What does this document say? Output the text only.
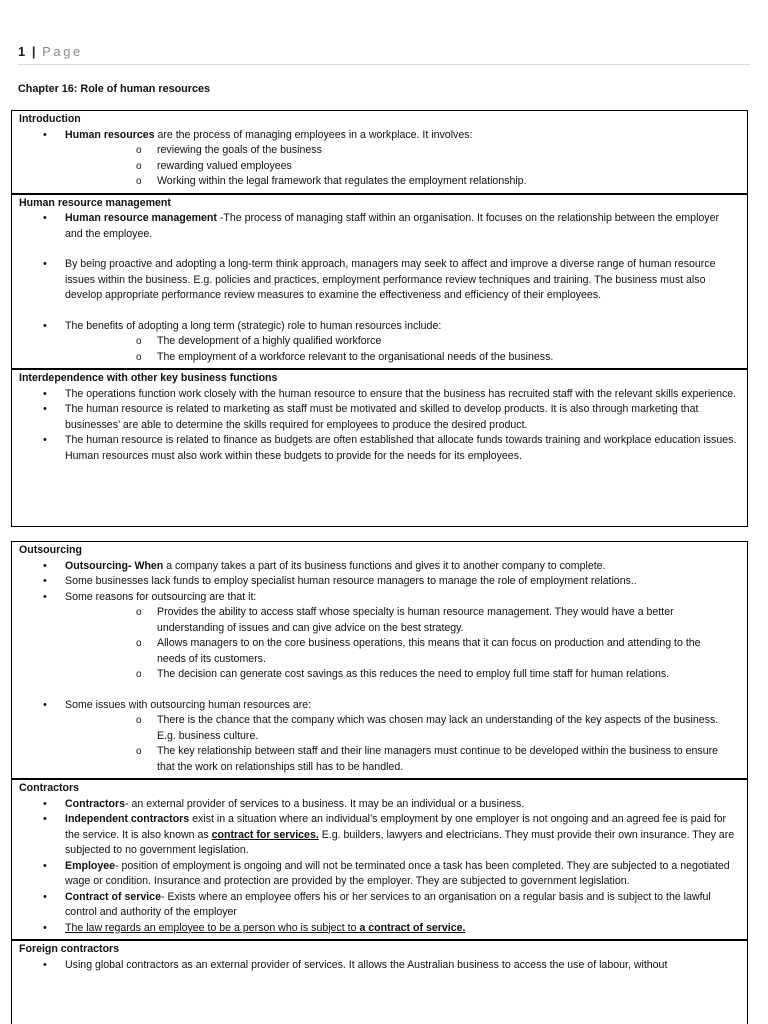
1 | Page
Chapter 16: Role of human resources
Introduction
• Human resources are the process of managing employees in a workplace. It involves:
o reviewing the goals of the business
o rewarding valued employees
o Working within the legal framework that regulates the employment relationship.
Human resource management
• Human resource management -The process of managing staff within an organisation. It focuses on the relationship between the employer and the employee.
• By being proactive and adopting a long-term think approach, managers may seek to affect and improve a diverse range of human resource issues within the business. E.g. policies and practices, employment performance review techniques and training. The business must also develop appropriate performance review measures to examine the effectiveness and efficiency of their employees.
• The benefits of adopting a long term (strategic) role to human resources include:
o The development of a highly qualified workforce
o The employment of a workforce relevant to the organisational needs of the business.
Interdependence with other key business functions
• The operations function work closely with the human resource to ensure that the business has recruited staff with the relevant skills experience.
• The human resource is related to marketing as staff must be motivated and skilled to develop products. It is also through marketing that businesses’ are able to determine the skills required for employees to produce the desired product.
• The human resource is related to finance as budgets are often established that allocate funds towards training and workplace education issues. Human resources must also work within these budgets to provide for the needs for its employees.
Outsourcing
• Outsourcing- When a company takes a part of its business functions and gives it to another company to complete.
• Some businesses lack funds to employ specialist human resource managers to manage the role of employment relations..
• Some reasons for outsourcing are that it:
o Provides the ability to access staff whose specialty is human resource management. They would have a better understanding of issues and can give advice on the best strategy.
o Allows managers to on the core business operations, this means that it can focus on production and attending to the needs of its customers.
o The decision can generate cost savings as this reduces the need to employ full time staff for human relations.
• Some issues with outsourcing human resources are:
o There is the chance that the company which was chosen may lack an understanding of the key aspects of the business. E.g. business culture.
o The key relationship between staff and their line managers must continue to be developed within the business to ensure that the work on relationships still has to be handled.
Contractors
• Contractors- an external provider of services to a business. It may be an individual or a business.
• Independent contractors exist in a situation where an individual’s employment by one employer is not ongoing and an agreed fee is paid for the service. It is also known as contract for services. E.g. builders, lawyers and electricians. They must provide their own insurance. They are subjected to no government legislation.
• Employee- position of employment is ongoing and will not be terminated once a task has been completed. They are subjected to a negotiated wage or condition. Insurance and protection are provided by the employer. They are subjected to government legislation.
• Contract of service- Exists where an employee offers his or her services to an organisation on a regular basis and is subject to the lawful control and authority of the employer
• The law regards an employee to be a person who is subject to a contract of service.
Foreign contractors
• Using global contractors as an external provider of services. It allows the Australian business to access the use of labour, without
